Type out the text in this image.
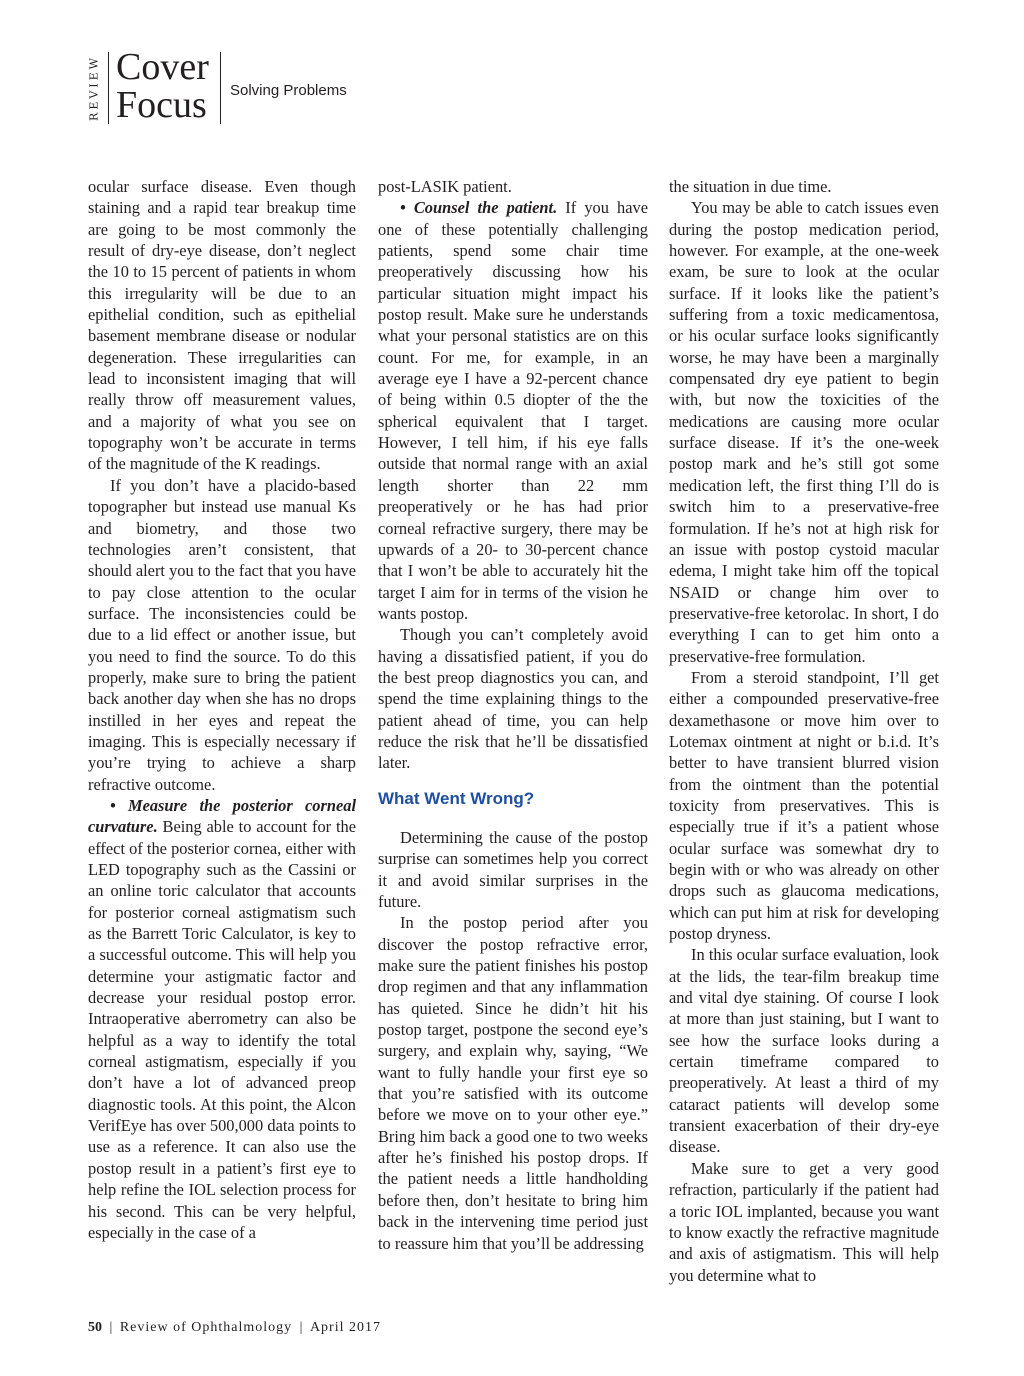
REVIEW Cover
Focus Solving Problems

ocular surface disease. Even though staining and a rapid tear breakup time are going to be most commonly the result of dry-eye disease, don’t neglect the 10 to 15 percent of patients in whom this irregularity will be due to an epithelial condition, such as epithelial basement membrane disease or nodular degeneration. These irregularities can lead to inconsistent imaging that will really throw off measurement values, and a majority of what you see on topography won’t be accurate in terms of the magnitude of the K readings.

If you don’t have a placido-based topographer but instead use manual Ks and biometry, and those two technologies aren’t consistent, that should alert you to the fact that you have to pay close attention to the ocular surface. The inconsistencies could be due to a lid effect or another issue, but you need to find the source. To do this properly, make sure to bring the patient back another day when she has no drops instilled in her eyes and repeat the imaging. This is especially necessary if you’re trying to achieve a sharp refractive outcome.

• Measure the posterior corneal curvature. Being able to account for the effect of the posterior cornea, either with LED topography such as the Cassini or an online toric calculator that accounts for posterior corneal astigmatism such as the Barrett Toric Calculator, is key to a successful outcome. This will help you determine your astigmatic factor and decrease your residual postop error. Intraoperative aberrometry can also be helpful as a way to identify the total corneal astigmatism, especially if you don’t have a lot of advanced preop diagnostic tools. At this point, the Alcon VerifEye has over 500,000 data points to use as a reference. It can also use the postop result in a patient’s first eye to help refine the IOL selection process for his second. This can be very helpful, especially in the case of a

post-LASIK patient.

• Counsel the patient. If you have one of these potentially challenging patients, spend some chair time preoperatively discussing how his particular situation might impact his postop result. Make sure he understands what your personal statistics are on this count. For me, for example, in an average eye I have a 92-percent chance of being within 0.5 diopter of the the spherical equivalent that I target. However, I tell him, if his eye falls outside that normal range with an axial length shorter than 22 mm preoperatively or he has had prior corneal refractive surgery, there may be upwards of a 20- to 30-percent chance that I won’t be able to accurately hit the target I aim for in terms of the vision he wants postop.

Though you can’t completely avoid having a dissatisfied patient, if you do the best preop diagnostics you can, and spend the time explaining things to the patient ahead of time, you can help reduce the risk that he’ll be dissatisfied later.

What Went Wrong?

Determining the cause of the postop surprise can sometimes help you correct it and avoid similar surprises in the future.

In the postop period after you discover the postop refractive error, make sure the patient finishes his postop drop regimen and that any inflammation has quieted. Since he didn’t hit his postop target, postpone the second eye’s surgery, and explain why, saying, “We want to fully handle your first eye so that you’re satisfied with its outcome before we move on to your other eye.” Bring him back a good one to two weeks after he’s finished his postop drops. If the patient needs a little handholding before then, don’t hesitate to bring him back in the intervening time period just to reassure him that you’ll be addressing

the situation in due time.

You may be able to catch issues even during the postop medication period, however. For example, at the one-week exam, be sure to look at the ocular surface. If it looks like the patient’s suffering from a toxic medicamentosa, or his ocular surface looks significantly worse, he may have been a marginally compensated dry eye patient to begin with, but now the toxicities of the medications are causing more ocular surface disease. If it’s the one-week postop mark and he’s still got some medication left, the first thing I’ll do is switch him to a preservative-free formulation. If he’s not at high risk for an issue with postop cystoid macular edema, I might take him off the topical NSAID or change him over to preservative-free ketorolac. In short, I do everything I can to get him onto a preservative-free formulation.

From a steroid standpoint, I’ll get either a compounded preservative-free dexamethasone or move him over to Lotemax ointment at night or b.i.d. It’s better to have transient blurred vision from the ointment than the potential toxicity from preservatives. This is especially true if it’s a patient whose ocular surface was somewhat dry to begin with or who was already on other drops such as glaucoma medications, which can put him at risk for developing postop dryness.

In this ocular surface evaluation, look at the lids, the tear-film breakup time and vital dye staining. Of course I look at more than just staining, but I want to see how the surface looks during a certain timeframe compared to preoperatively. At least a third of my cataract patients will develop some transient exacerbation of their dry-eye disease.

Make sure to get a very good refraction, particularly if the patient had a toric IOL implanted, because you want to know exactly the refractive magnitude and axis of astigmatism. This will help you determine what to

50 | Review of Ophthalmology | April 2017
